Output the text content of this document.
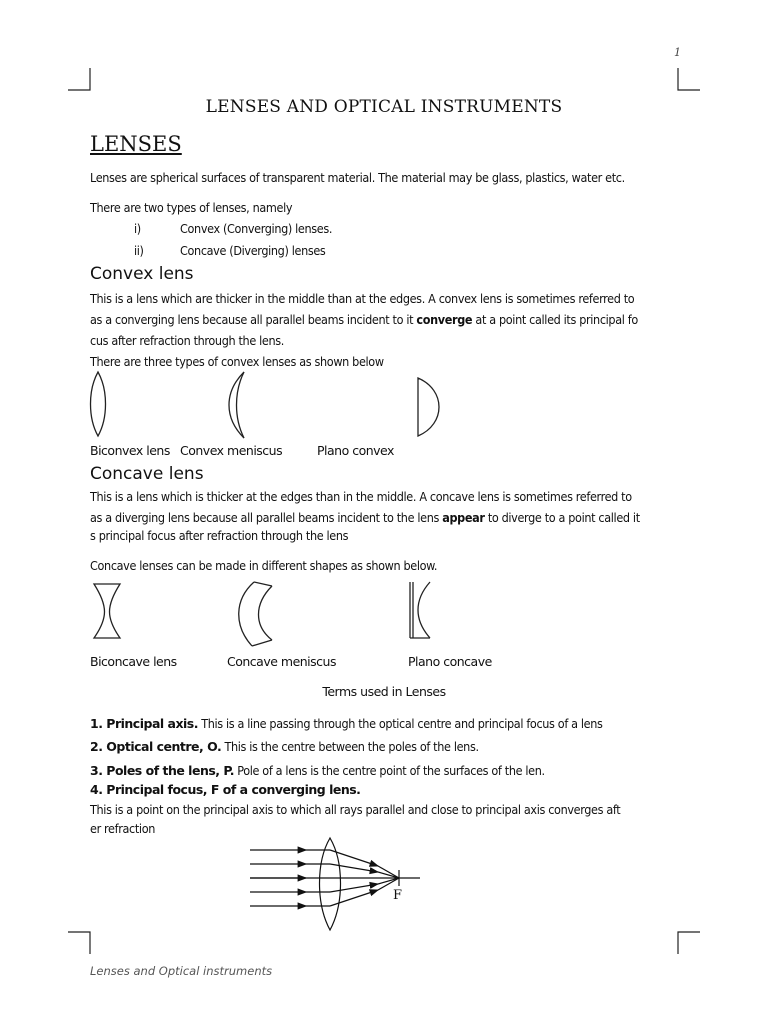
1
LENSES AND OPTICAL INSTRUMENTS
LENSES
Lenses are spherical surfaces of transparent material. The material may be glass, plastics, water etc.
There are two types of lenses, namely
i)	Convex (Converging) lenses.
ii)	Concave (Diverging) lenses
Convex lens
This is a lens which are thicker in the middle than at the edges. A convex lens is sometimes referred to
as a converging lens because all parallel beams incident to it converge at a point called its principal fo
cus after refraction through the lens.
There are three types of convex lenses as shown below
Biconvex lens Convex meniscus	Plano convex
Concave lens
This is a lens which is thicker at the edges than in the middle. A concave lens is sometimes referred to
as a diverging lens because all parallel beams incident to the lens appear to diverge to a point called it
s principal focus after refraction through the lens
Concave lenses can be made in different shapes as shown below.
Biconcave lens	Concave meniscus	Plano concave
Terms used in Lenses
1. Principal axis. This is a line passing through the optical centre and principal focus of a lens
2. Optical centre, O. This is the centre between the poles of the lens.
3. Poles of the lens, P. Pole of a lens is the centre point of the surfaces of the len.
4. Principal focus, F of a converging lens.
This is a point on the principal axis to which all rays parallel and close to principal axis converges aft
er refraction
F
Lenses and Optical instruments
